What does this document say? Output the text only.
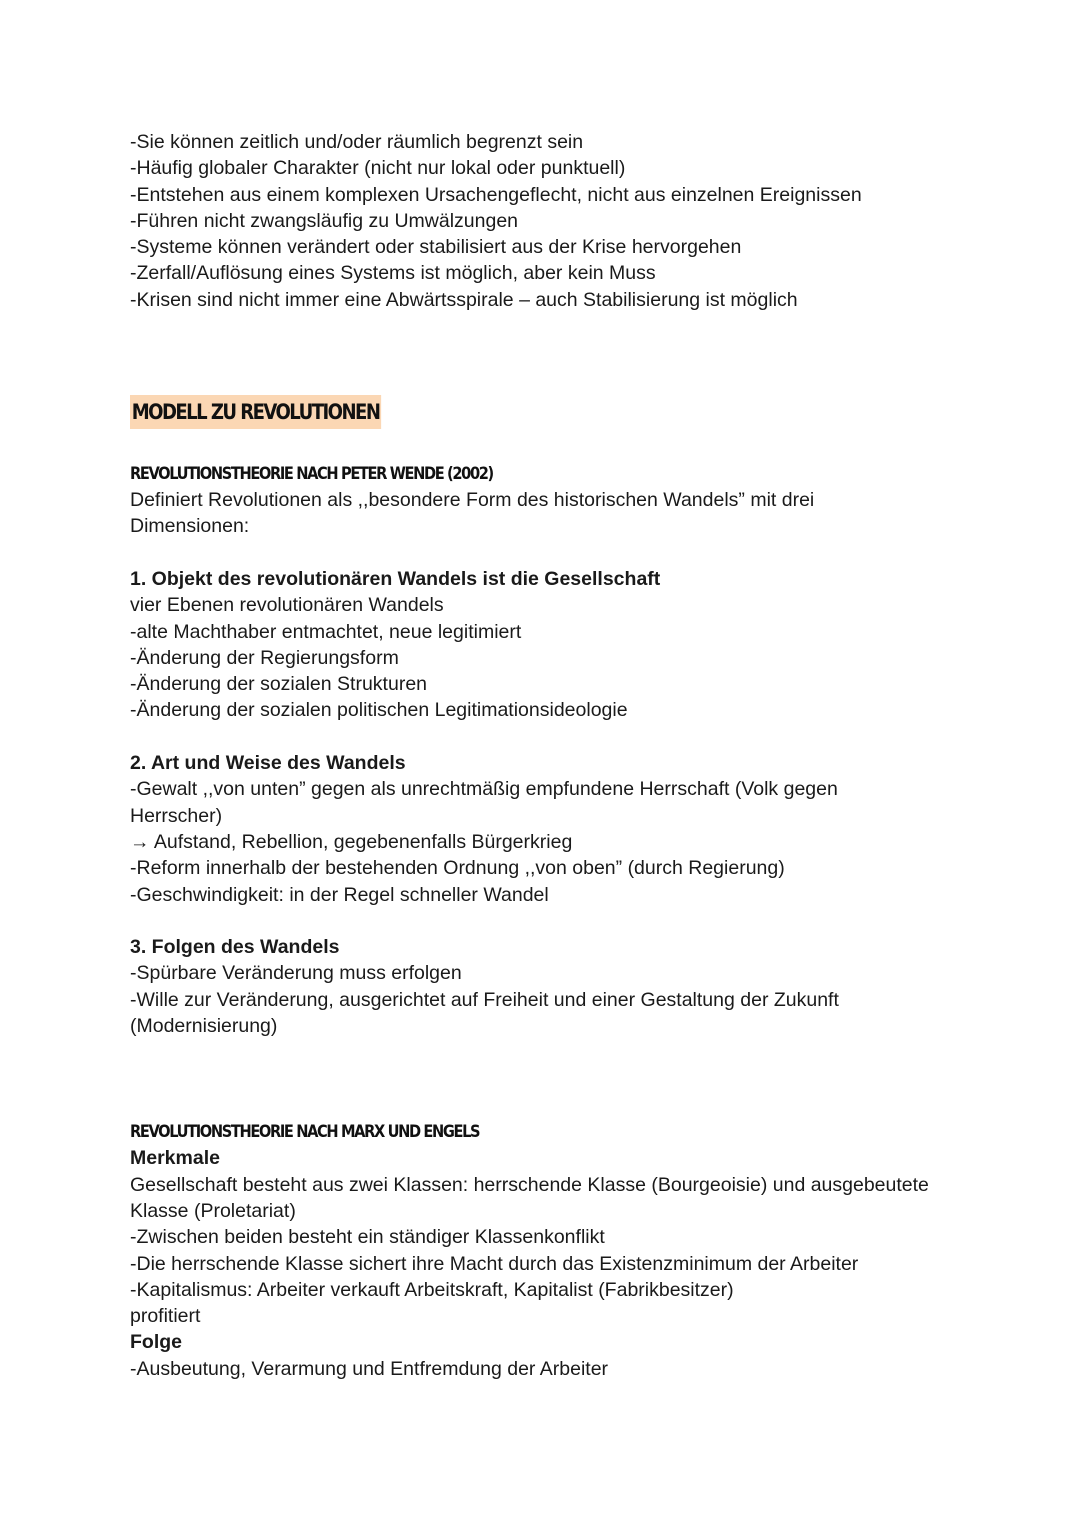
-Sie können zeitlich und/oder räumlich begrenzt sein
-Häufig globaler Charakter (nicht nur lokal oder punktuell)
-Entstehen aus einem komplexen Ursachengeflecht, nicht aus einzelnen Ereignissen
-Führen nicht zwangsläufig zu Umwälzungen
-Systeme können verändert oder stabilisiert aus der Krise hervorgehen
-Zerfall/Auflösung eines Systems ist möglich, aber kein Muss
-Krisen sind nicht immer eine Abwärtsspirale – auch Stabilisierung ist möglich
MODELL ZU REVOLUTIONEN
REVOLUTIONSTHEORIE NACH PETER WENDE (2002)
Definiert Revolutionen als ,,besondere Form des historischen Wandels” mit drei
Dimensionen:
1. Objekt des revolutionären Wandels ist die Gesellschaft
vier Ebenen revolutionären Wandels
-alte Machthaber entmachtet, neue legitimiert
-Änderung der Regierungsform
-Änderung der sozialen Strukturen
-Änderung der sozialen politischen Legitimationsideologie
2. Art und Weise des Wandels
-Gewalt ,,von unten” gegen als unrechtmäßig empfundene Herrschaft (Volk gegen
Herrscher)
→ Aufstand, Rebellion, gegebenenfalls Bürgerkrieg
-Reform innerhalb der bestehenden Ordnung ,,von oben” (durch Regierung)
-Geschwindigkeit: in der Regel schneller Wandel
3. Folgen des Wandels
-Spürbare Veränderung muss erfolgen
-Wille zur Veränderung, ausgerichtet auf Freiheit und einer Gestaltung der Zukunft
(Modernisierung)
REVOLUTIONSTHEORIE NACH MARX UND ENGELS
Merkmale
Gesellschaft besteht aus zwei Klassen: herrschende Klasse (Bourgeoisie) und ausgebeutete
Klasse (Proletariat)
-Zwischen beiden besteht ein ständiger Klassenkonflikt
-Die herrschende Klasse sichert ihre Macht durch das Existenzminimum der Arbeiter
-Kapitalismus: Arbeiter verkauft Arbeitskraft, Kapitalist (Fabrikbesitzer)
profitiert
Folge
-Ausbeutung, Verarmung und Entfremdung der Arbeiter
